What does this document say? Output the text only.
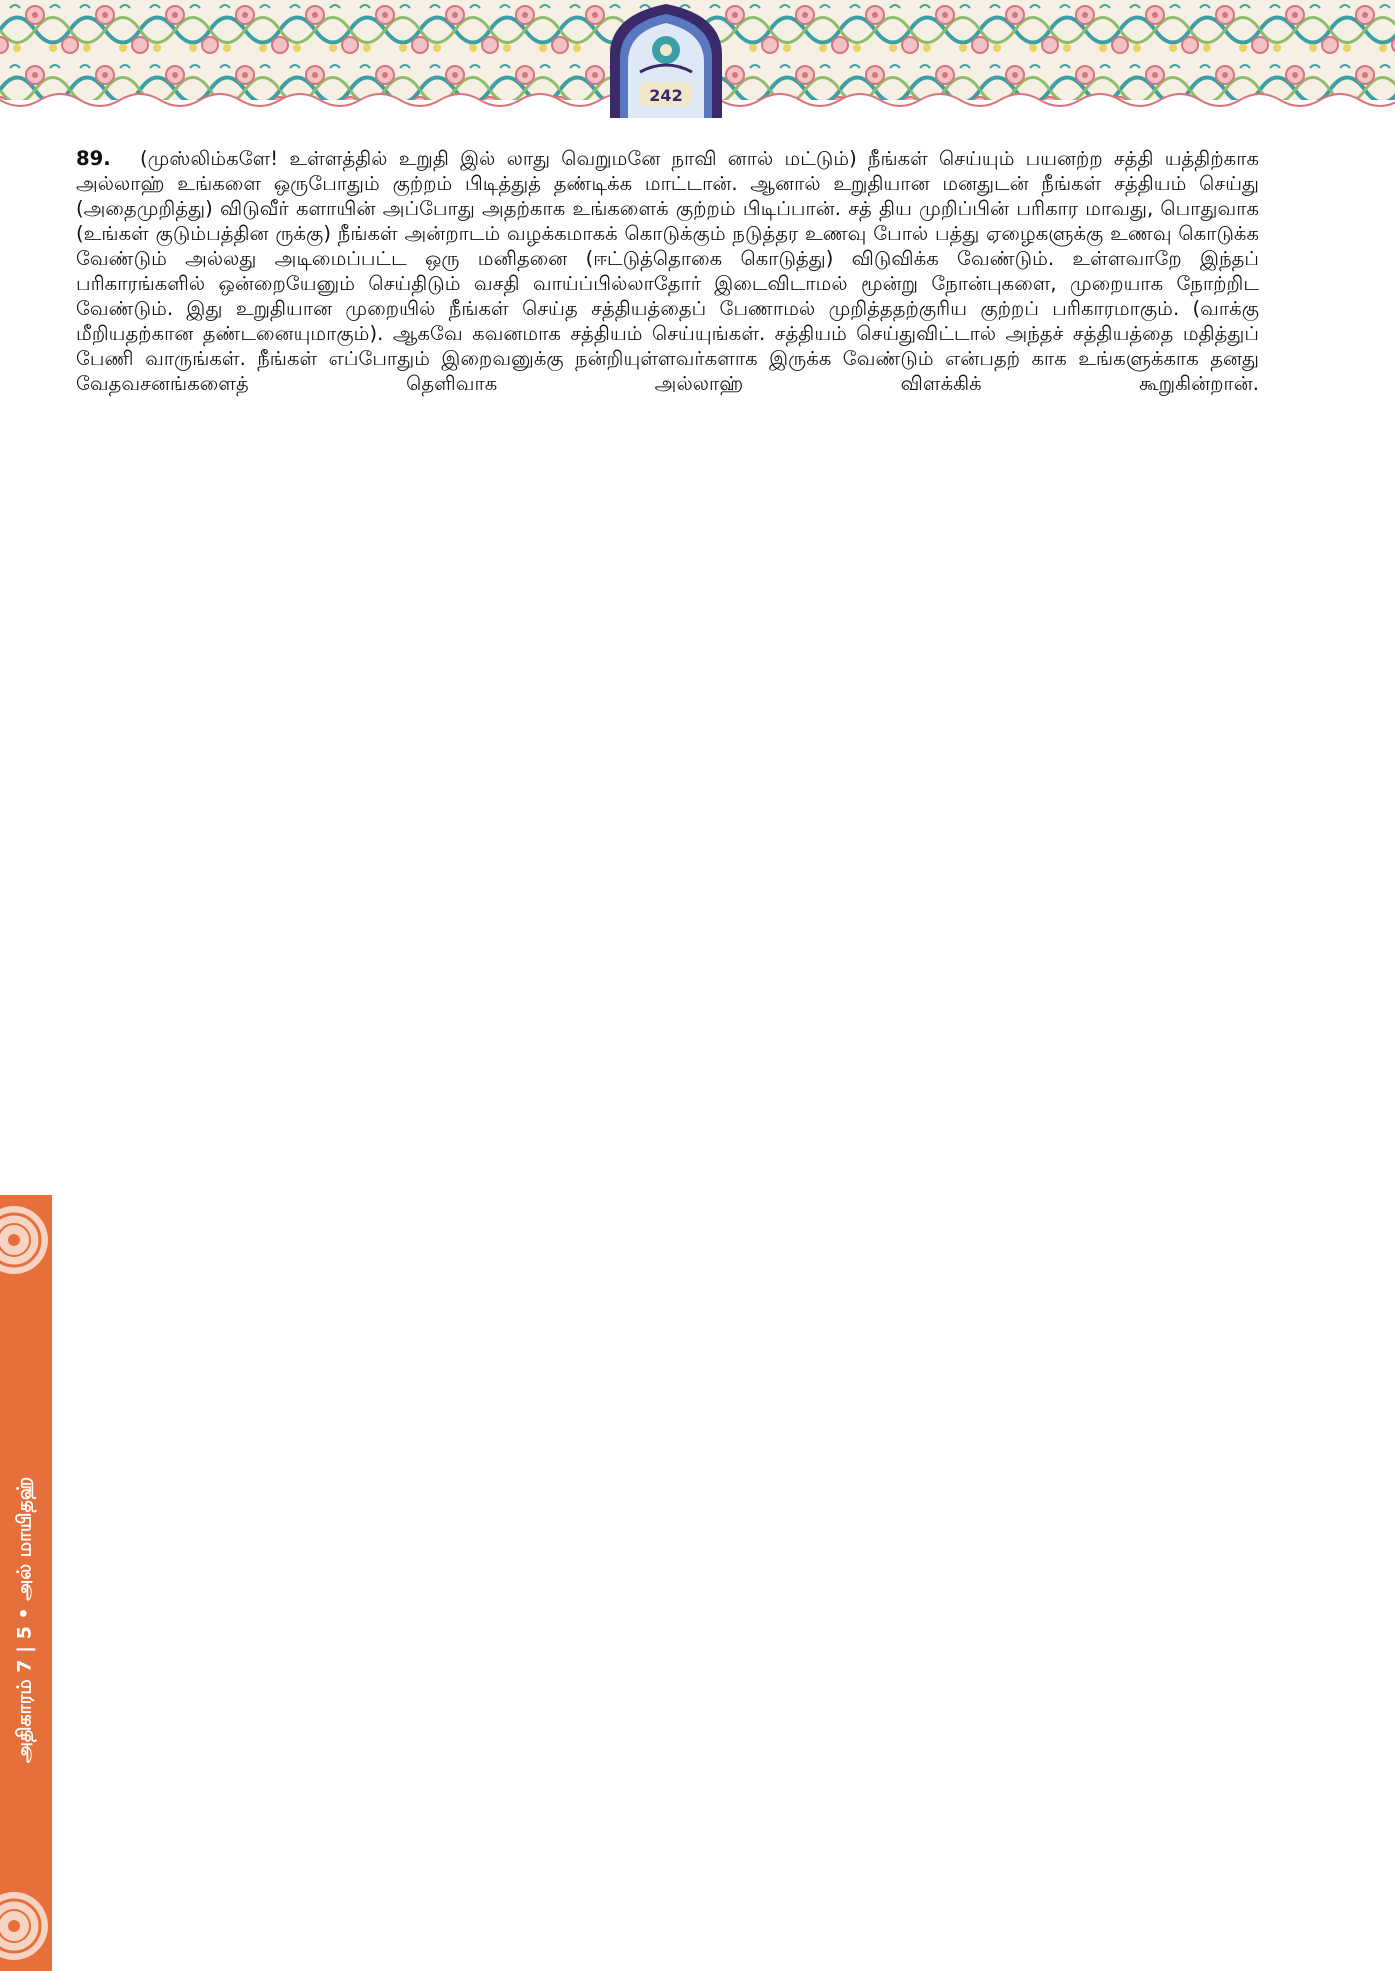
242

89. (முஸ்லிம்களே! உள்ளத்தில் உறுதி இல் லாது வெறுமனே நாவி னால் மட்டும்) நீங்கள் செய்யும் பயனற்ற சத்தி யத்திற்காக அல்லாஹ் உங்களை ஒருபோதும் குற்றம் பிடித்துத் தண்டிக்க மாட்டான். ஆனால் உறுதியான மனதுடன் நீங்கள் சத்தியம் செய்து (அதைமுறித்து) விடுவீர் களாயின் அப்போது அதற்காக உங்களைக் குற்றம் பிடிப்பான். சத் திய முறிப்பின் பரிகார மாவது, பொதுவாக (உங்கள் குடும்பத்தின ருக்கு) நீங்கள் அன்றாடம் வழக்கமாகக் கொடுக்கும் நடுத்தர உணவு போல் பத்து ஏழைகளுக்கு உணவு கொடுக்க வேண்டும் அல்லது அடிமைப்பட்ட ஒரு மனிதனை (ஈட்டுத்தொகை கொடுத்து) விடுவிக்க வேண்டும். உள்ளவாறே இந்தப் பரிகாரங்களில் ஒன்றையேனும் செய்திடும் வசதி வாய்ப்பில்லாதோர் இடைவிடாமல் மூன்று நோன்புகளை, முறையாக நோற்றிட வேண்டும். இது உறுதியான முறையில் நீங்கள் செய்த சத்தியத்தைப் பேணாமல் முறித்ததற்குரிய குற்றப் பரிகாரமாகும். (வாக்கு மீறியதற்கான தண்டனையுமாகும்). ஆகவே கவனமாக சத்தியம் செய்யுங்கள். சத்தியம் செய்துவிட்டால் அந்தச் சத்தியத்தை மதித்துப் பேணி வாருங்கள். நீங்கள் எப்போதும் இறைவனுக்கு நன்றியுள்ளவர்களாக இருக்க வேண்டும் என்பதற் காக உங்களுக்காக தனது வேதவசனங்களைத் தெளிவாக அல்லாஹ் விளக்கிக் கூறுகின்றான்.

அதிகாரம் 7 | 5 • அல் மாயிதஹ்
